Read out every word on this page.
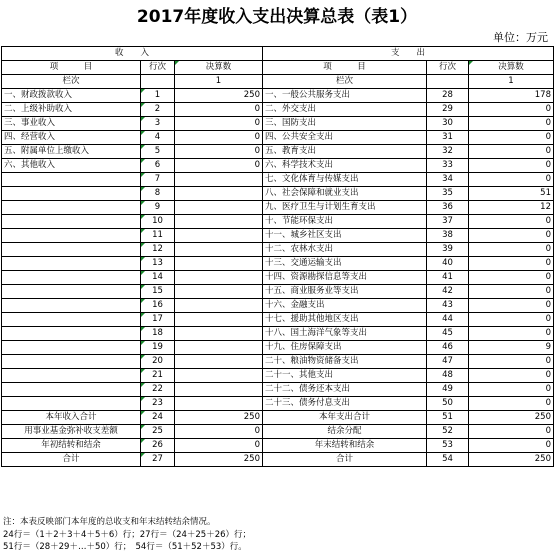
2017年度收入支出决算总表（表1）
单位：万元
收　　入			支　　出		
项　　　目	行次	决算数	项　　　目	行次	决算数
栏次		1	栏次		1
一、财政拨款收入	1	250	一、一般公共服务支出	28	178
二、上级补助收入	2	0	二、外交支出	29	0
三、事业收入	3	0	三、国防支出	30	0
四、经营收入	4	0	四、公共安全支出	31	0
五、附属单位上缴收入	5	0	五、教育支出	32	0
六、其他收入	6	0	六、科学技术支出	33	0
	7		七、文化体育与传媒支出	34	0
	8		八、社会保障和就业支出	35	51
	9		九、医疗卫生与计划生育支出	36	12
	10		十、节能环保支出	37	0
	11		十一、城乡社区支出	38	0
	12		十二、农林水支出	39	0
	13		十三、交通运输支出	40	0
	14		十四、资源勘探信息等支出	41	0
	15		十五、商业服务业等支出	42	0
	16		十六、金融支出	43	0
	17		十七、援助其他地区支出	44	0
	18		十八、国土海洋气象等支出	45	0
	19		十九、住房保障支出	46	9
	20		二十、粮油物资储备支出	47	0
	21		二十一、其他支出	48	0
	22		二十二、债务还本支出	49	0
	23		二十三、债务付息支出	50	0
本年收入合计	24	250	本年支出合计	51	250
用事业基金弥补收支差额	25	0	结余分配	52	0
年初结转和结余	26	0	年末结转和结余	53	0
合计	27	250	合计	54	250
注：本表反映部门本年度的总收支和年末结转结余情况。
24行＝（1＋2＋3＋4＋5＋6）行；27行＝（24＋25＋26）行；
51行＝（28＋29＋…＋50）行；　54行＝（51＋52＋53）行。
